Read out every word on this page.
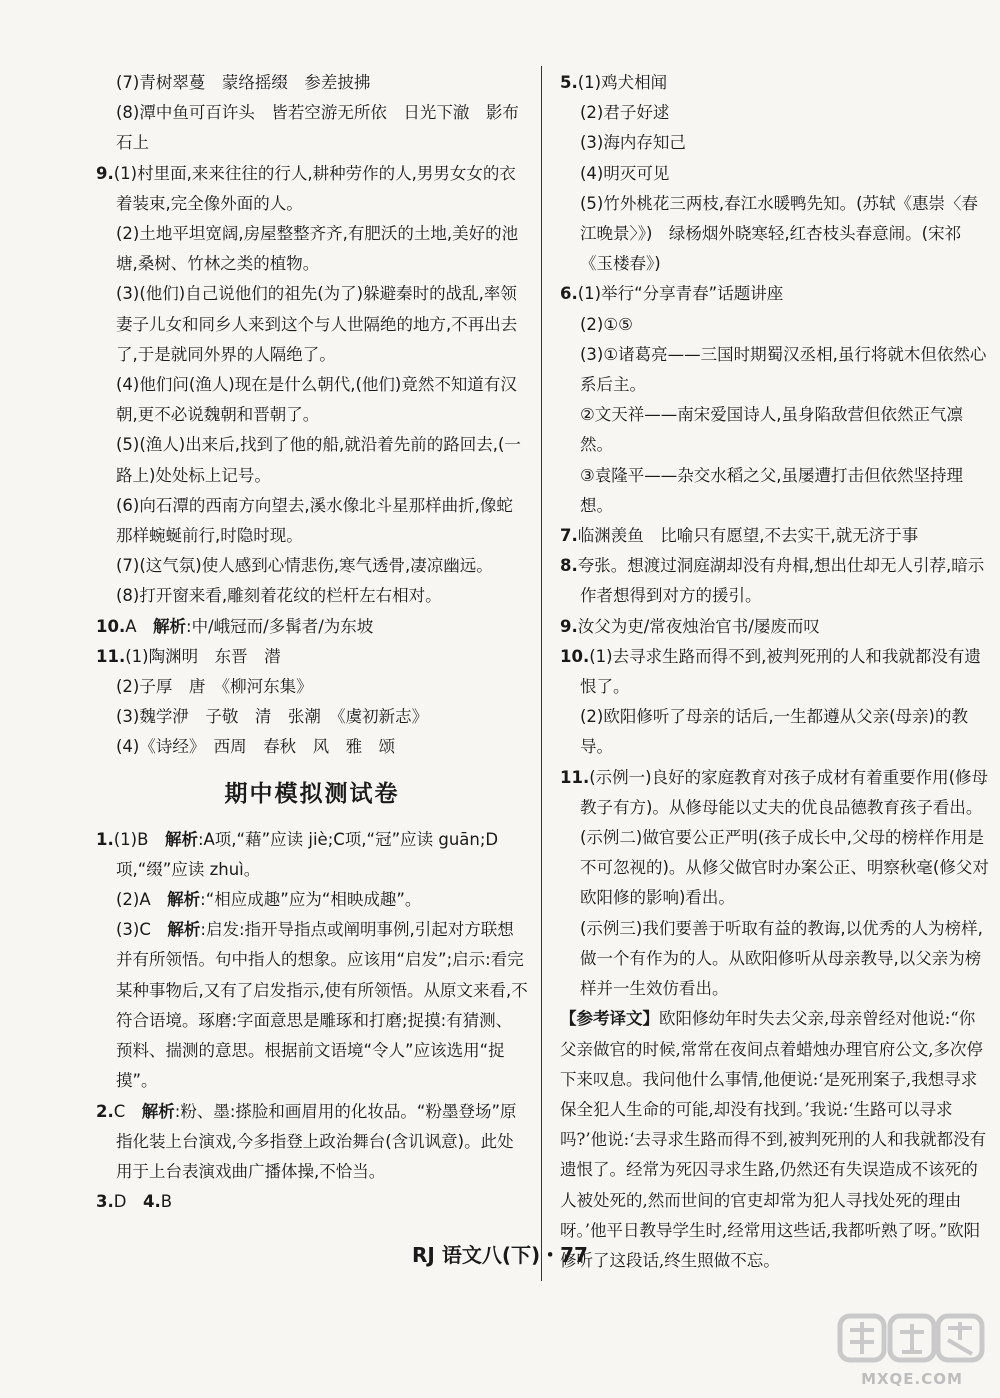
(7)青树翠蔓　蒙络摇缀　参差披拂

(8)潭中鱼可百许头　皆若空游无所依　日光下澈　影布石上

9.(1)村里面,来来往往的行人,耕种劳作的人,男男女女的衣着装束,完全像外面的人。

(2)土地平坦宽阔,房屋整整齐齐,有肥沃的土地,美好的池塘,桑树、竹林之类的植物。

(3)(他们)自己说他们的祖先(为了)躲避秦时的战乱,率领妻子儿女和同乡人来到这个与人世隔绝的地方,不再出去了,于是就同外界的人隔绝了。

(4)他们问(渔人)现在是什么朝代,(他们)竟然不知道有汉朝,更不必说魏朝和晋朝了。

(5)(渔人)出来后,找到了他的船,就沿着先前的路回去,(一路上)处处标上记号。

(6)向石潭的西南方向望去,溪水像北斗星那样曲折,像蛇那样蜿蜒前行,时隐时现。

(7)(这气氛)使人感到心情悲伤,寒气透骨,凄凉幽远。

(8)打开窗来看,雕刻着花纹的栏杆左右相对。

10.A　解析:中/峨冠而/多髯者/为东坡

11.(1)陶渊明　东晋　潜

(2)子厚　唐　《柳河东集》

(3)魏学洢　子敬　清　张潮　《虞初新志》

(4)《诗经》　西周　春秋　风　雅　颂

期中模拟测试卷

1.(1)B　解析:A项,“藉”应读 jiè;C项,“冠”应读 guān;D项,“缀”应读 zhuì。

(2)A　解析:“相应成趣”应为“相映成趣”。

(3)C　解析:启发:指开导指点或阐明事例,引起对方联想并有所领悟。句中指人的想象。应该用“启发”;启示:看完某种事物后,又有了启发指示,使有所领悟。从原文来看,不符合语境。琢磨:字面意思是雕琢和打磨;捉摸:有猜测、预料、揣测的意思。根据前文语境“令人”应该选用“捉摸”。

2.C　解析:粉、墨:搽脸和画眉用的化妆品。“粉墨登场”原指化装上台演戏,今多指登上政治舞台(含讥讽意)。此处用于上台表演戏曲广播体操,不恰当。

3.D　4.B

5.(1)鸡犬相闻

(2)君子好逑

(3)海内存知己

(4)明灭可见

(5)竹外桃花三两枝,春江水暖鸭先知。(苏轼《惠崇〈春江晚景〉》)　绿杨烟外晓寒轻,红杏枝头春意闹。(宋祁《玉楼春》)

6.(1)举行“分享青春”话题讲座

(2)①⑤

(3)①诸葛亮——三国时期蜀汉丞相,虽行将就木但依然心系后主。

②文天祥——南宋爱国诗人,虽身陷敌营但依然正气凛然。

③袁隆平——杂交水稻之父,虽屡遭打击但依然坚持理想。

7.临渊羡鱼　比喻只有愿望,不去实干,就无济于事

8.夸张。想渡过洞庭湖却没有舟楫,想出仕却无人引荐,暗示作者想得到对方的援引。

9.汝父为吏/常夜烛治官书/屡废而叹

10.(1)去寻求生路而得不到,被判死刑的人和我就都没有遗恨了。

(2)欧阳修听了母亲的话后,一生都遵从父亲(母亲)的教导。

11.(示例一)良好的家庭教育对孩子成材有着重要作用(修母教子有方)。从修母能以丈夫的优良品德教育孩子看出。

(示例二)做官要公正严明(孩子成长中,父母的榜样作用是不可忽视的)。从修父做官时办案公正、明察秋毫(修父对欧阳修的影响)看出。

(示例三)我们要善于听取有益的教诲,以优秀的人为榜样,做一个有作为的人。从欧阳修听从母亲教导,以父亲为榜样并一生效仿看出。

【参考译文】欧阳修幼年时失去父亲,母亲曾经对他说:“你父亲做官的时候,常常在夜间点着蜡烛办理官府公文,多次停下来叹息。我问他什么事情,他便说:‘是死刑案子,我想寻求保全犯人生命的可能,却没有找到。’我说:‘生路可以寻求吗?’他说:‘去寻求生路而得不到,被判死刑的人和我就都没有遗恨了。经常为死囚寻求生路,仍然还有失误造成不该死的人被处死的,然而世间的官吏却常为犯人寻找处死的理由呀。’他平日教导学生时,经常用这些话,我都听熟了呀。”欧阳修听了这段话,终生照做不忘。

RJ 语文八(下)・77
MXQE.COM
